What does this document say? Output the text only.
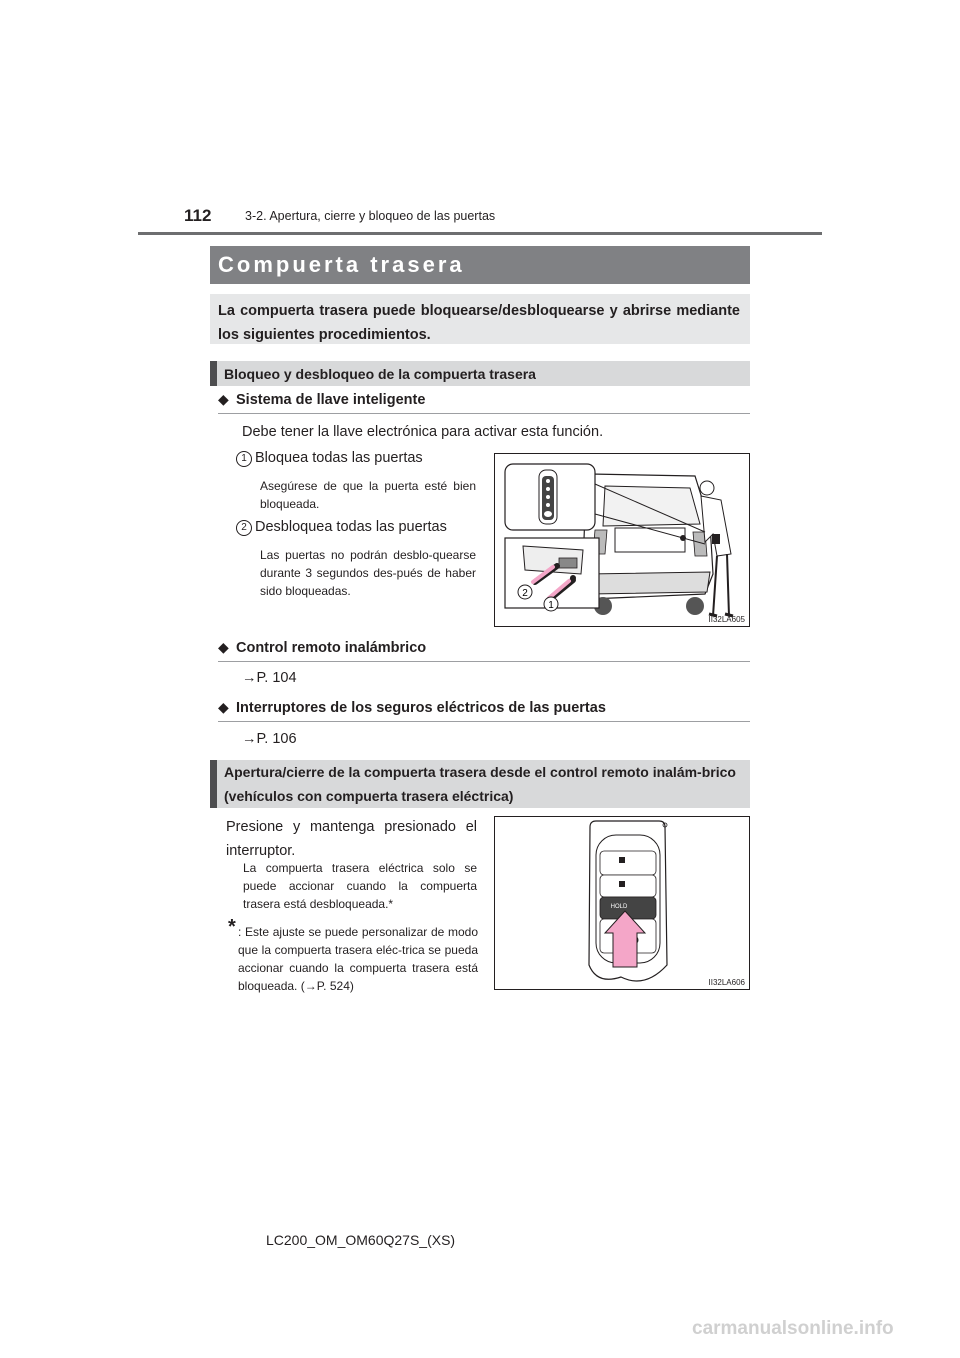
112	3-2. Apertura, cierre y bloqueo de las puertas
Compuerta trasera
La compuerta trasera puede bloquearse/desbloquearse y abrirse mediante los siguientes procedimientos.
Bloqueo y desbloqueo de la compuerta trasera
◆ Sistema de llave inteligente
Debe tener la llave electrónica para activar esta función.
1 Bloquea todas las puertas
Asegúrese de que la puerta esté bien bloqueada.
2 Desbloquea todas las puertas
Las puertas no podrán desblo-quearse durante 3 segundos des-pués de haber sido bloqueadas.	2
1
II32LA605
◆ Control remoto inalámbrico
→P. 104
◆ Interruptores de los seguros eléctricos de las puertas
→P. 106
Apertura/cierre de la compuerta trasera desde el control remoto inalám-brico (vehículos con compuerta trasera eléctrica)
Presione y mantenga presionado el interruptor.
La compuerta trasera eléctrica solo se puede accionar cuando la compuerta trasera está desbloqueada.*
* : Este ajuste se puede personalizar de modo que la compuerta trasera eléc-trica se pueda accionar cuando la compuerta trasera está bloqueada. (→P. 524)
HOLD
II32LA606
LC200_OM_OM60Q27S_(XS)
carmanualsonline.info
